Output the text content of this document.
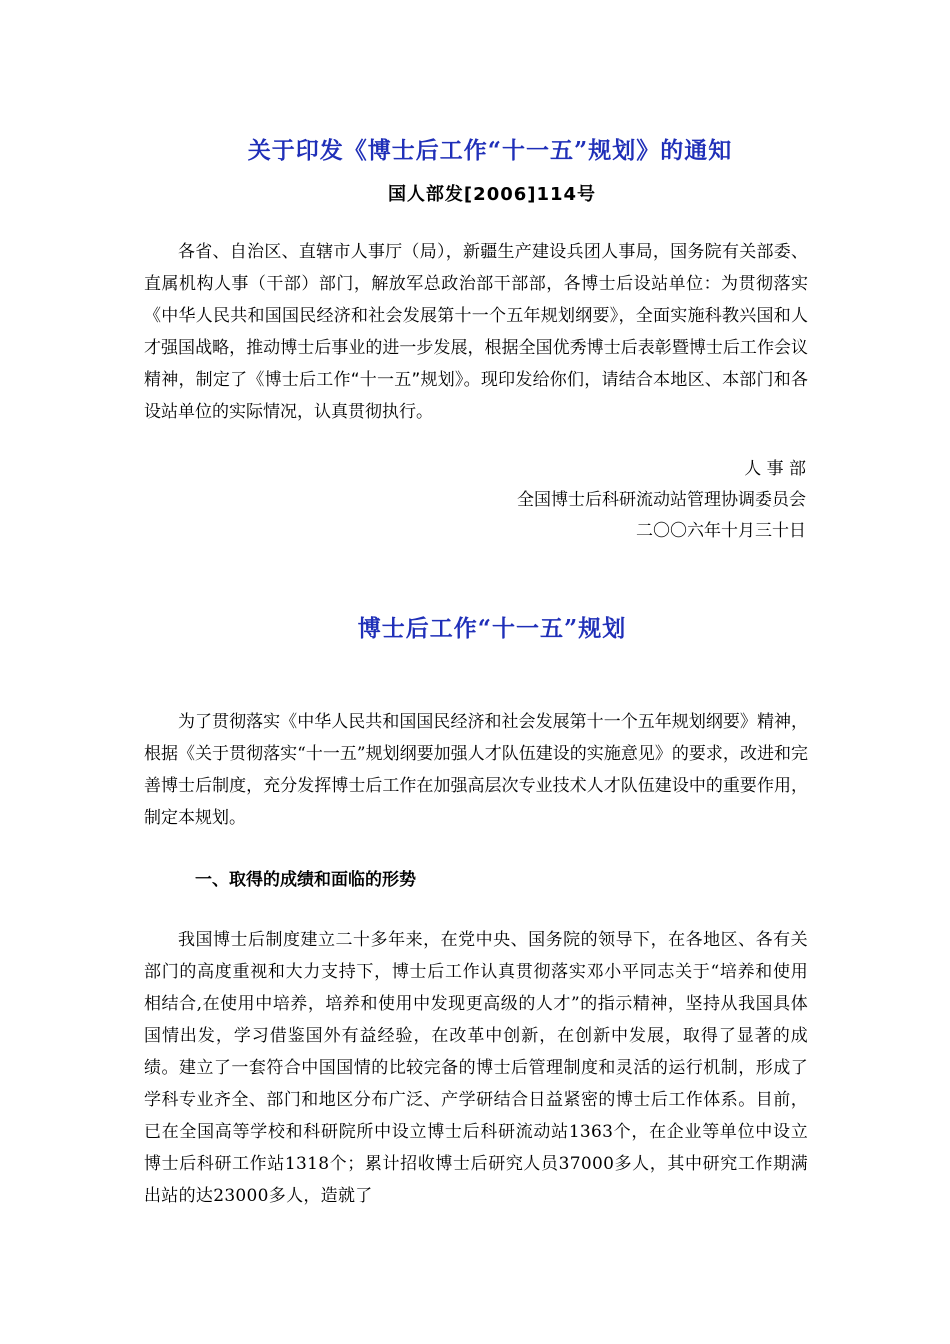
关于印发《博士后工作“十一五”规划》的通知
国人部发[2006]114号
各省、自治区、直辖市人事厅（局），新疆生产建设兵团人事局，国务院有关部委、直属机构人事（干部）部门，解放军总政治部干部部，各博士后设站单位：为贯彻落实《中华人民共和国国民经济和社会发展第十一个五年规划纲要》，全面实施科教兴国和人才强国战略，推动博士后事业的进一步发展，根据全国优秀博士后表彰暨博士后工作会议精神，制定了《博士后工作“十一五”规划》。现印发给你们，请结合本地区、本部门和各设站单位的实际情况，认真贯彻执行。
人 事 部
全国博士后科研流动站管理协调委员会
二〇〇六年十月三十日
博士后工作“十一五”规划
为了贯彻落实《中华人民共和国国民经济和社会发展第十一个五年规划纲要》精神，根据《关于贯彻落实“十一五”规划纲要加强人才队伍建设的实施意见》的要求，改进和完善博士后制度，充分发挥博士后工作在加强高层次专业技术人才队伍建设中的重要作用，制定本规划。
一、取得的成绩和面临的形势
我国博士后制度建立二十多年来，在党中央、国务院的领导下，在各地区、各有关部门的高度重视和大力支持下，博士后工作认真贯彻落实邓小平同志关于“培养和使用相结合,在使用中培养，培养和使用中发现更高级的人才”的指示精神，坚持从我国具体国情出发，学习借鉴国外有益经验，在改革中创新，在创新中发展，取得了显著的成绩。建立了一套符合中国国情的比较完备的博士后管理制度和灵活的运行机制，形成了学科专业齐全、部门和地区分布广泛、产学研结合日益紧密的博士后工作体系。目前，已在全国高等学校和科研院所中设立博士后科研流动站1363个，在企业等单位中设立博士后科研工作站1318个；累计招收博士后研究人员37000多人，其中研究工作期满出站的达23000多人，造就了
